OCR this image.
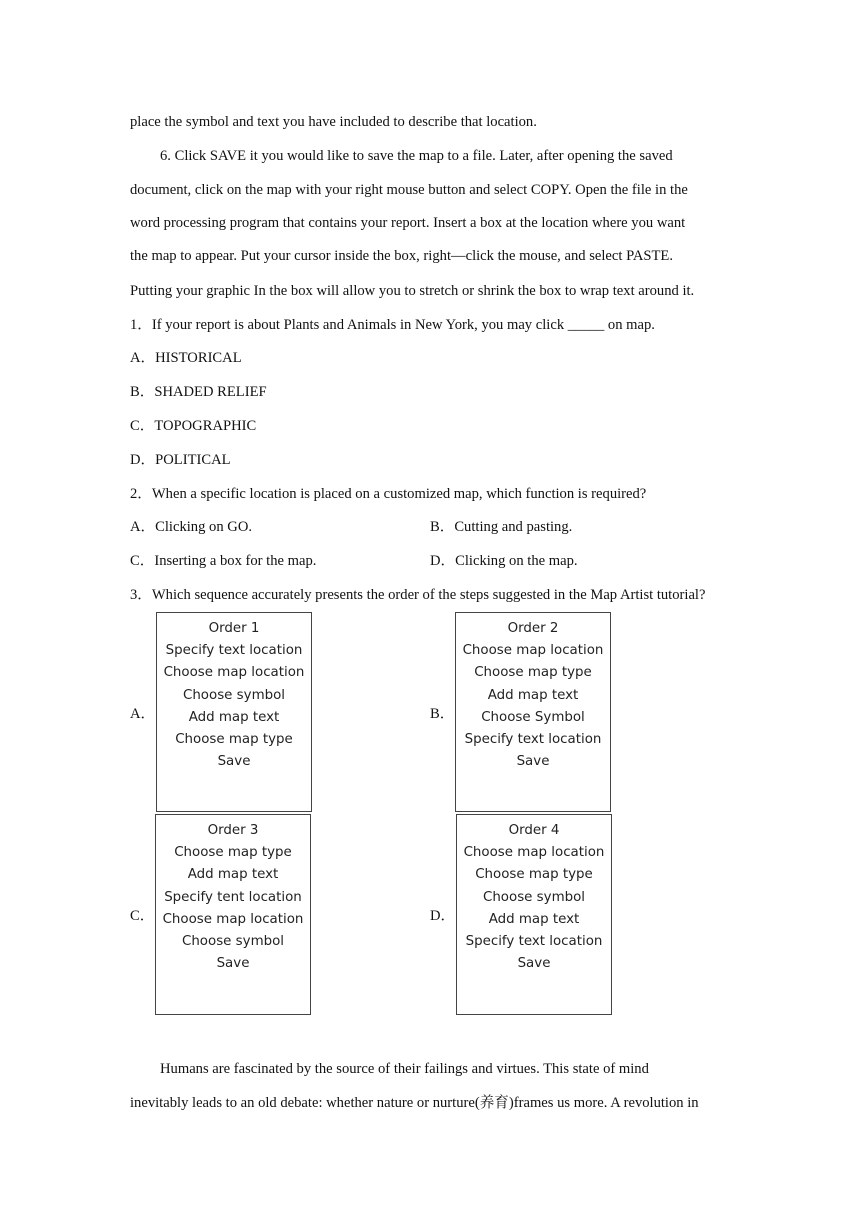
place the symbol and text you have included to describe that location.
6. Click SAVE it you would like to save the map to a file. Later, after opening the saved
document, click on the map with your right mouse button and select COPY. Open the file in the
word processing program that contains your report. Insert a box at the location where you want
the map to appear. Put your cursor inside the box, right—click the mouse, and select PASTE.
Putting your graphic In the box will allow you to stretch or shrink the box to wrap text around it.
1．If your report is about Plants and Animals in New York, you may click _____ on map.
A．HISTORICAL
B．SHADED RELIEF
C．TOPOGRAPHIC
D．POLITICAL
2．When a specific location is placed on a customized map, which function is required?
A．Clicking on GO.	B．Cutting and pasting.
C．Inserting a box for the map.	D．Clicking on the map.
3．Which sequence accurately presents the order of the steps suggested in the Map Artist tutorial?
A．
Order 1
Specify text location
Choose map location
Choose symbol
Add map text
Choose map type
Save
B．
Order 2
Choose map location
Choose map type
Add map text
Choose Symbol
Specify text location
Save
C．
Order 3
Choose map type
Add map text
Specify tent location
Choose map location
Choose symbol
Save
D．
Order 4
Choose map location
Choose map type
Choose symbol
Add map text
Specify text location
Save
Humans are fascinated by the source of their failings and virtues. This state of mind
inevitably leads to an old debate: whether nature or nurture(养育)frames us more. A revolution in
